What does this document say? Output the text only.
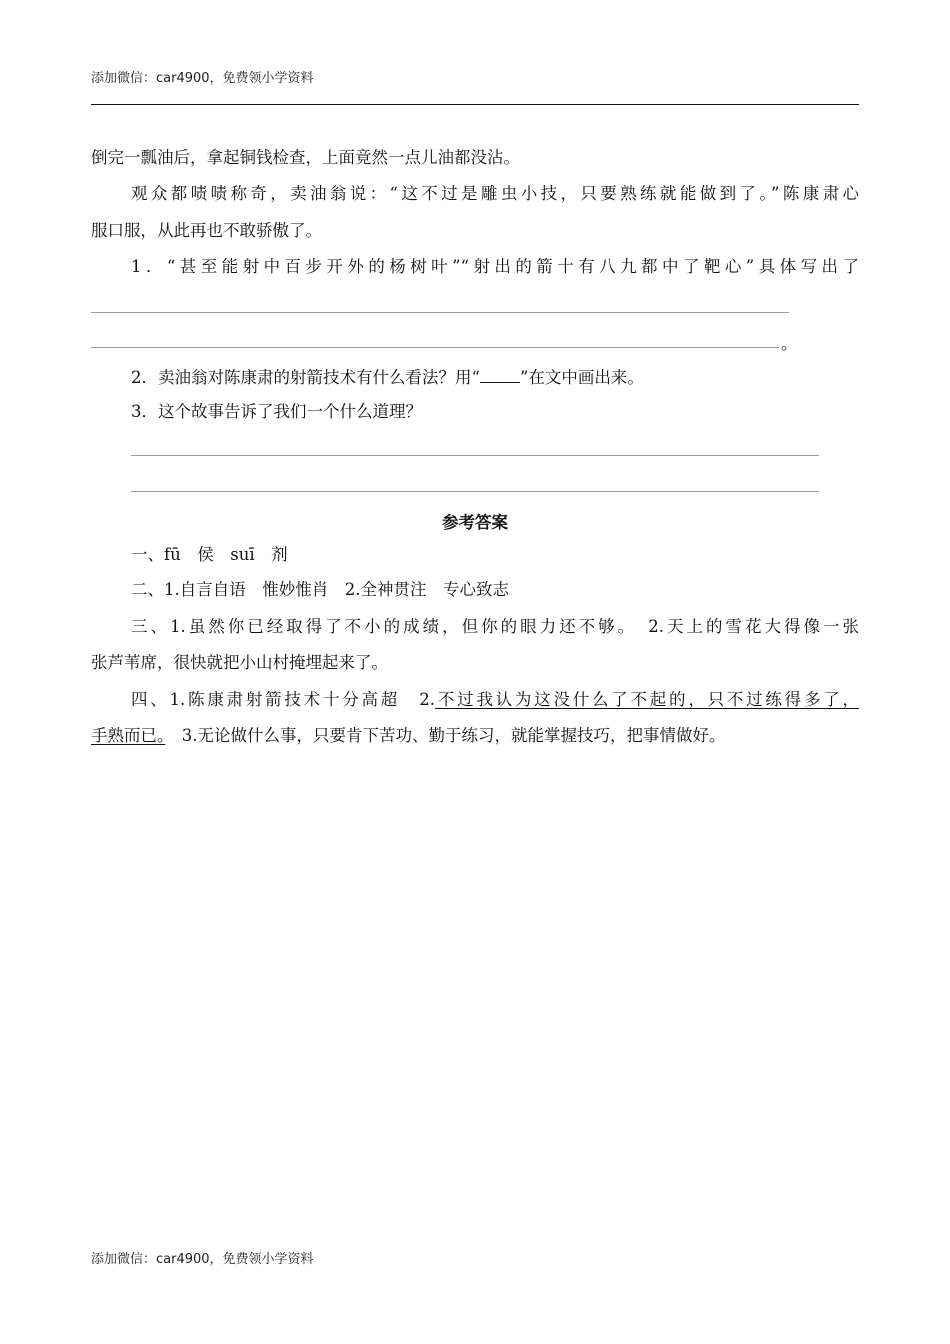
添加微信：car4900，免费领小学资料
倒完一瓢油后，拿起铜钱检查，上面竟然一点儿油都没沾。
观众都啧啧称奇，卖油翁说：“这不过是雕虫小技，只要熟练就能做到了。”陈康肃心
服口服，从此再也不敢骄傲了。
1．“甚至能射中百步开外的杨树叶”“射出的箭十有八九都中了靶心”具体写出了
。
2．卖油翁对陈康肃的射箭技术有什么看法？用“ ”在文中画出来。
3．这个故事告诉了我们一个什么道理？
参考答案
一、fū　侯　suī　剂
二、1.自言自语　惟妙惟肖　2.全神贯注　专心致志
三、1.虽然你已经取得了不小的成绩，但你的眼力还不够。　2.天上的雪花大得像一张
张芦苇席，很快就把小山村掩埋起来了。
四、1.陈康肃射箭技术十分高超　2.不过我认为这没什么了不起的，只不过练得多了，
手熟而已。　3.无论做什么事，只要肯下苦功、勤于练习，就能掌握技巧，把事情做好。
添加微信：car4900，免费领小学资料
